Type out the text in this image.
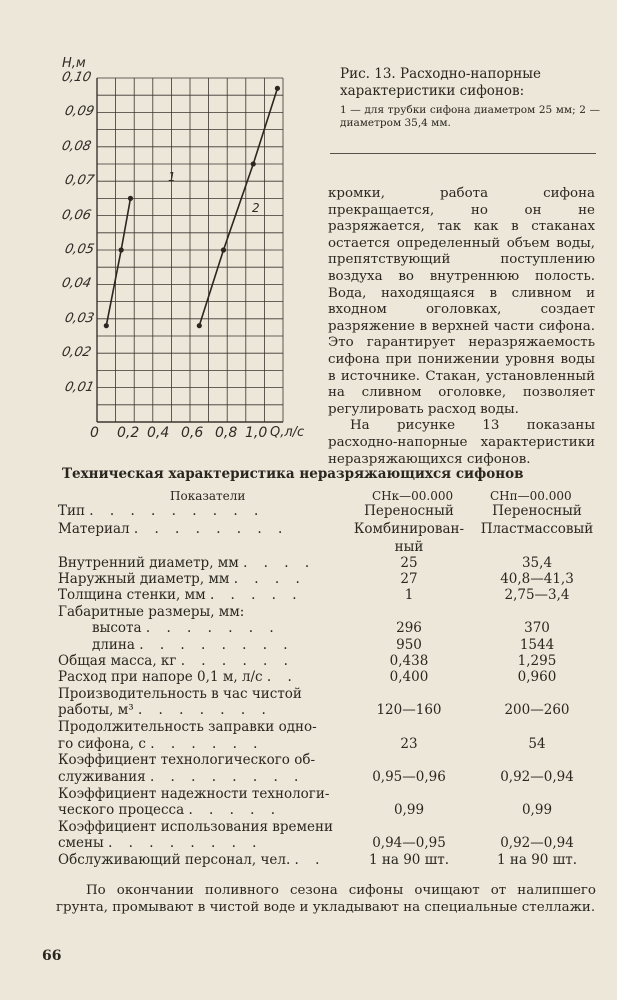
Н,м
Q,л/с
0,10
0,09
0,08
0,07
0,06
0,05
0,04
0,03
0,02
0,01
0 0,2 0,4 0,6 0,8 1,0
1
2
Рис. 13. Расходно-напорные характеристики сифонов:
1 — для трубки сифона диаметром 25 мм; 2 — диаметром 35,4 мм.

кромки, работа сифона прекращается, но он не разряжается, так как в стаканах остается определенный объем воды, препятствующий поступлению воздуха во внутреннюю полость. Вода, находящаяся в сливном и входном оголовках, создает разряжение в верхней части сифона. Это гарантирует неразряжаемость сифона при понижении уровня воды в источнике. Стакан, установленный на сливном оголовке, позволяет регулировать расход воды.

На рисунке 13 показаны расходно-напорные характеристики неразряжающихся сифонов.

Техническая характеристика неразряжающихся сифонов
Показатели	СНк—00.000	СНп—00.000
Тип . . . . . . . . .	Переносный	Переносный
Материал . . . . . . . .	Комбинирован-	Пластмассовый
ный
Внутренний диаметр, мм . . . .	25	35,4
Наружный диаметр, мм . . . .	27	40,8—41,3
Толщина стенки, мм . . . . .	1	2,75—3,4
Габаритные размеры, мм:
высота . . . . . . .	296	370
длина . . . . . . . .	950	1544
Общая масса, кг . . . . . .	0,438	1,295
Расход при напоре 0,1 м, л/с . .	0,400	0,960
Производительность в час чистой
работы, м³ . . . . . . .	120—160	200—260
Продолжительность заправки одно-
го сифона, с . . . . . .	23	54
Коэффициент технологического об-
служивания . . . . . . . .	0,95—0,96	0,92—0,94
Коэффициент надежности технологи-
ческого процесса . . . . .	0,99	0,99
Коэффициент использования времени
смены . . . . . . . .	0,94—0,95	0,92—0,94
Обслуживающий персонал, чел. . .	1 на 90 шт.	1 на 90 шт.
По окончании поливного сезона сифоны очищают от налипшего грунта, промывают в чистой воде и укладывают на специальные стеллажи.
66
